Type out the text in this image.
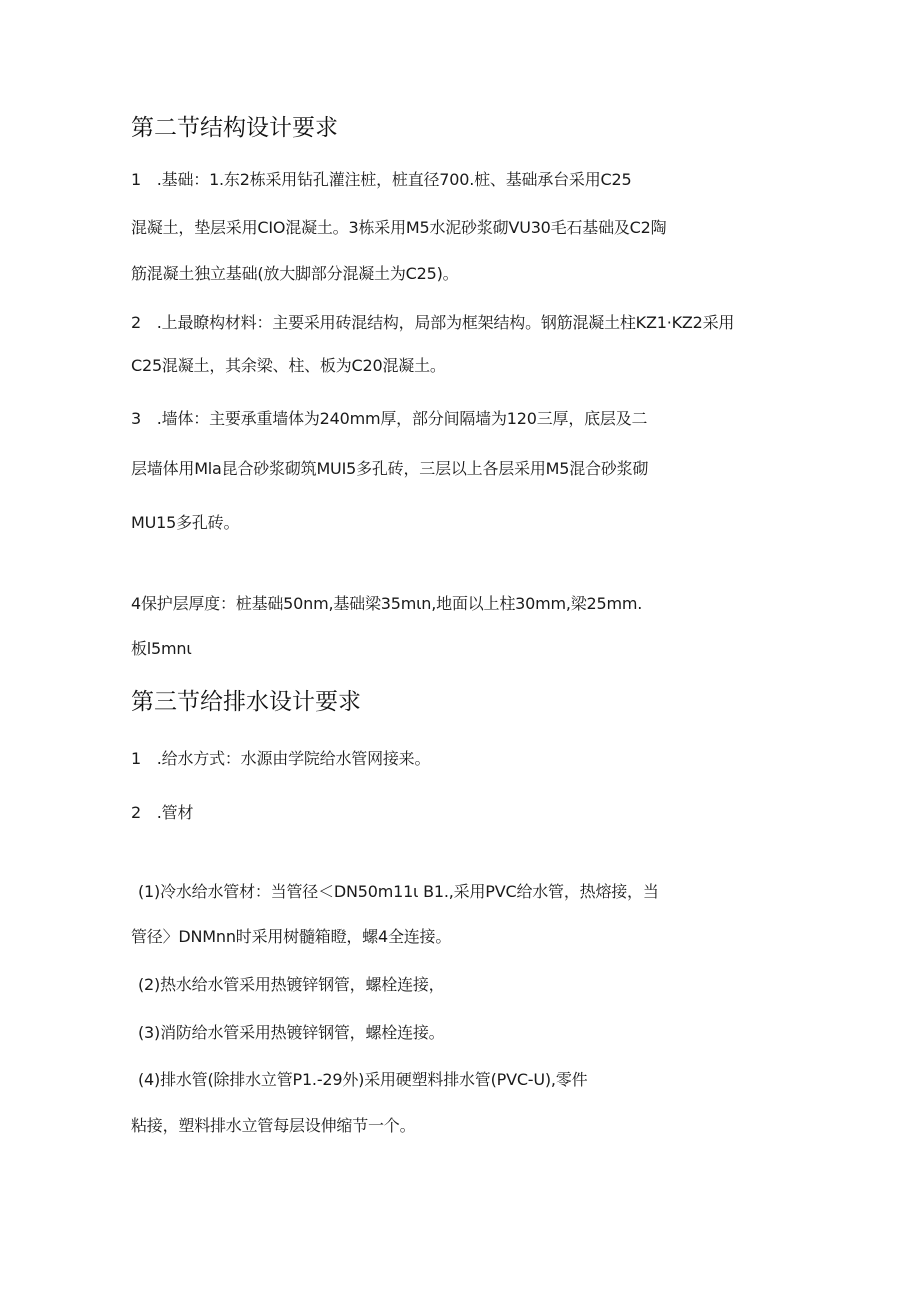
第二节结构设计要求
1　.基础：1.东2栋采用钻孔灌注桩，桩直径700.桩、基础承台采用C25
混凝土，垫层采用CIO混凝土。3栋采用M5水泥砂浆砌VU30毛石基础及C2陶
筋混凝土独立基础(放大脚部分混凝土为C25)。
2　.上最瞭构材料：主要采用砖混结构，局部为框架结构。钢筋混凝土柱KZ1·KZ2采用
C25混凝土，其余梁、柱、板为C20混凝土。
3　.墙体：主要承重墙体为240mm厚，部分间隔墙为120三厚，底层及二
层墙体用Mla昆合砂浆砌筑MUI5多孔砖，三层以上各层采用M5混合砂浆砌
MU15多孔砖。
4保护层厚度：桩基础50nm,基础梁35mιn,地面以上柱30mm,梁25mm.
板l5mnι
第三节给排水设计要求
1　.给水方式：水源由学院给水管网接来。
2　.管材
(1)冷水给水管材：当管径＜DN50m11ι B1.,采用PVC给水管，热熔接，当
管径〉DNMnn时采用树髓箱瞪，螺4全连接。
(2)热水给水管采用热镀锌钢管，螺栓连接，
(3)消防给水管采用热镀锌钢管，螺栓连接。
(4)排水管(除排水立管P1.-29外)采用硬塑料排水管(PVC-U),零件
粘接，塑料排水立管每层设伸缩节一个。
